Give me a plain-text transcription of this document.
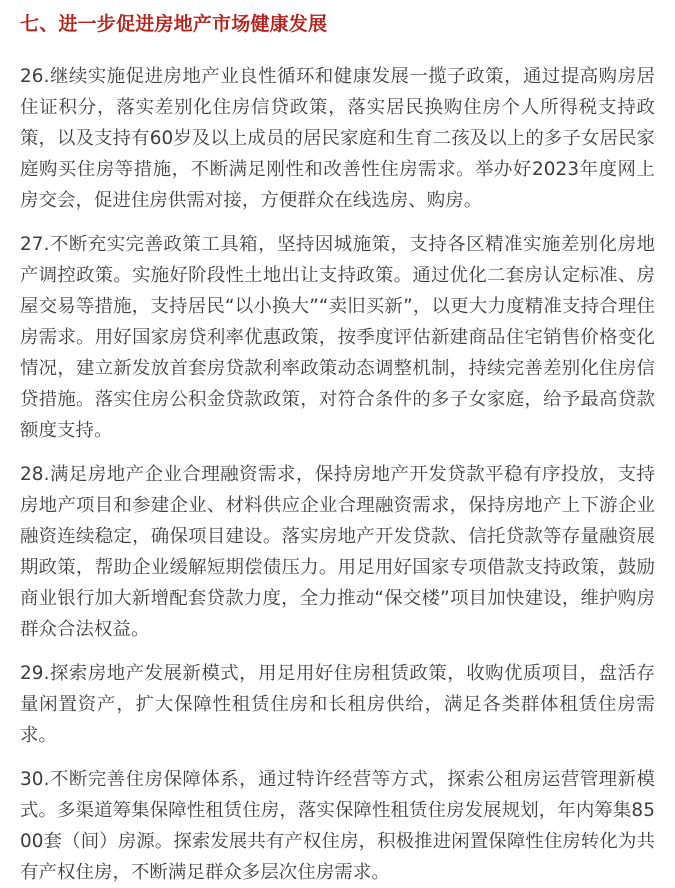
七、进一步促进房地产市场健康发展

26.继续实施促进房地产业良性循环和健康发展一揽子政策，通过提高购房居住证积分，落实差别化住房信贷政策，落实居民换购住房个人所得税支持政策，以及支持有60岁及以上成员的居民家庭和生育二孩及以上的多子女居民家庭购买住房等措施，不断满足刚性和改善性住房需求。举办好2023年度网上房交会，促进住房供需对接，方便群众在线选房、购房。

27.不断充实完善政策工具箱，坚持因城施策，支持各区精准实施差别化房地产调控政策。实施好阶段性土地出让支持政策。通过优化二套房认定标准、房屋交易等措施，支持居民“以小换大”“卖旧买新”，以更大力度精准支持合理住房需求。用好国家房贷利率优惠政策，按季度评估新建商品住宅销售价格变化情况，建立新发放首套房贷款利率政策动态调整机制，持续完善差别化住房信贷措施。落实住房公积金贷款政策，对符合条件的多子女家庭，给予最高贷款额度支持。

28.满足房地产企业合理融资需求，保持房地产开发贷款平稳有序投放，支持房地产项目和参建企业、材料供应企业合理融资需求，保持房地产上下游企业融资连续稳定，确保项目建设。落实房地产开发贷款、信托贷款等存量融资展期政策，帮助企业缓解短期偿债压力。用足用好国家专项借款支持政策，鼓励商业银行加大新增配套贷款力度，全力推动“保交楼”项目加快建设，维护购房群众合法权益。

29.探索房地产发展新模式，用足用好住房租赁政策，收购优质项目，盘活存量闲置资产，扩大保障性租赁住房和长租房供给，满足各类群体租赁住房需求。

30.不断完善住房保障体系，通过特许经营等方式，探索公租房运营管理新模式。多渠道筹集保障性租赁住房，落实保障性租赁住房发展规划，年内筹集8500套（间）房源。探索发展共有产权住房，积极推进闲置保障性住房转化为共有产权住房，不断满足群众多层次住房需求。
